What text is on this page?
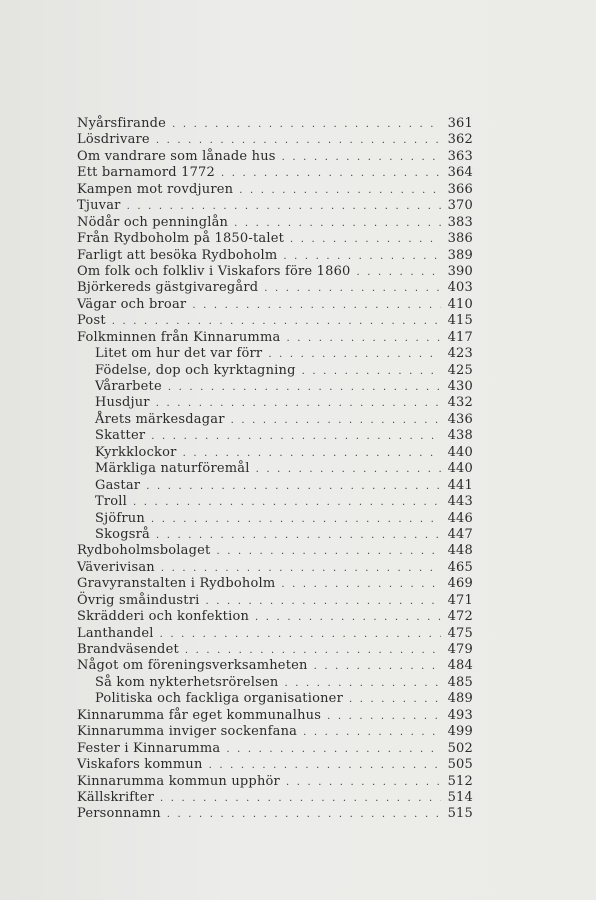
Nyårsfirande . . .	361
Lösdrivare . . .	362
Om vandrare som lånade hus . . .	363
Ett barnamord 1772 . . .	364
Kampen mot rovdjuren . . .	366
Tjuvar . . .	370
Nödår och penninglån . . .	383
Från Rydboholm på 1850-talet . . .	386
Farligt att besöka Rydboholm . . .	389
Om folk och folkliv i Viskafors före 1860 . . .	390
Björkereds gästgivaregård . . .	403
Vägar och broar . . .	410
Post . . .	415
Folkminnen från Kinnarumma . . .	417
Litet om hur det var förr . . .	423
Födelse, dop och kyrktagning . . .	425
Vårarbete . . .	430
Husdjur . . .	432
Årets märkesdagar . . .	436
Skatter . . .	438
Kyrkklockor . . .	440
Märkliga naturföremål . . .	440
Gastar . . .	441
Troll . . .	443
Sjöfrun . . .	446
Skogsrå . . .	447
Rydboholmsbolaget . . .	448
Väverivisan . . .	465
Gravyranstalten i Rydboholm . . .	469
Övrig småindustri . . .	471
Skrädderi och konfektion . . .	472
Lanthandel . . .	475
Brandväsendet . . .	479
Något om föreningsverksamheten . . .	484
Så kom nykterhetsrörelsen . . .	485
Politiska och fackliga organisationer . . .	489
Kinnarumma får eget kommunalhus . . .	493
Kinnarumma inviger sockenfana . . .	499
Fester i Kinnarumma . . .	502
Viskafors kommun . . .	505
Kinnarumma kommun upphör . . .	512
Källskrifter . . .	514
Personnamn . . .	515
